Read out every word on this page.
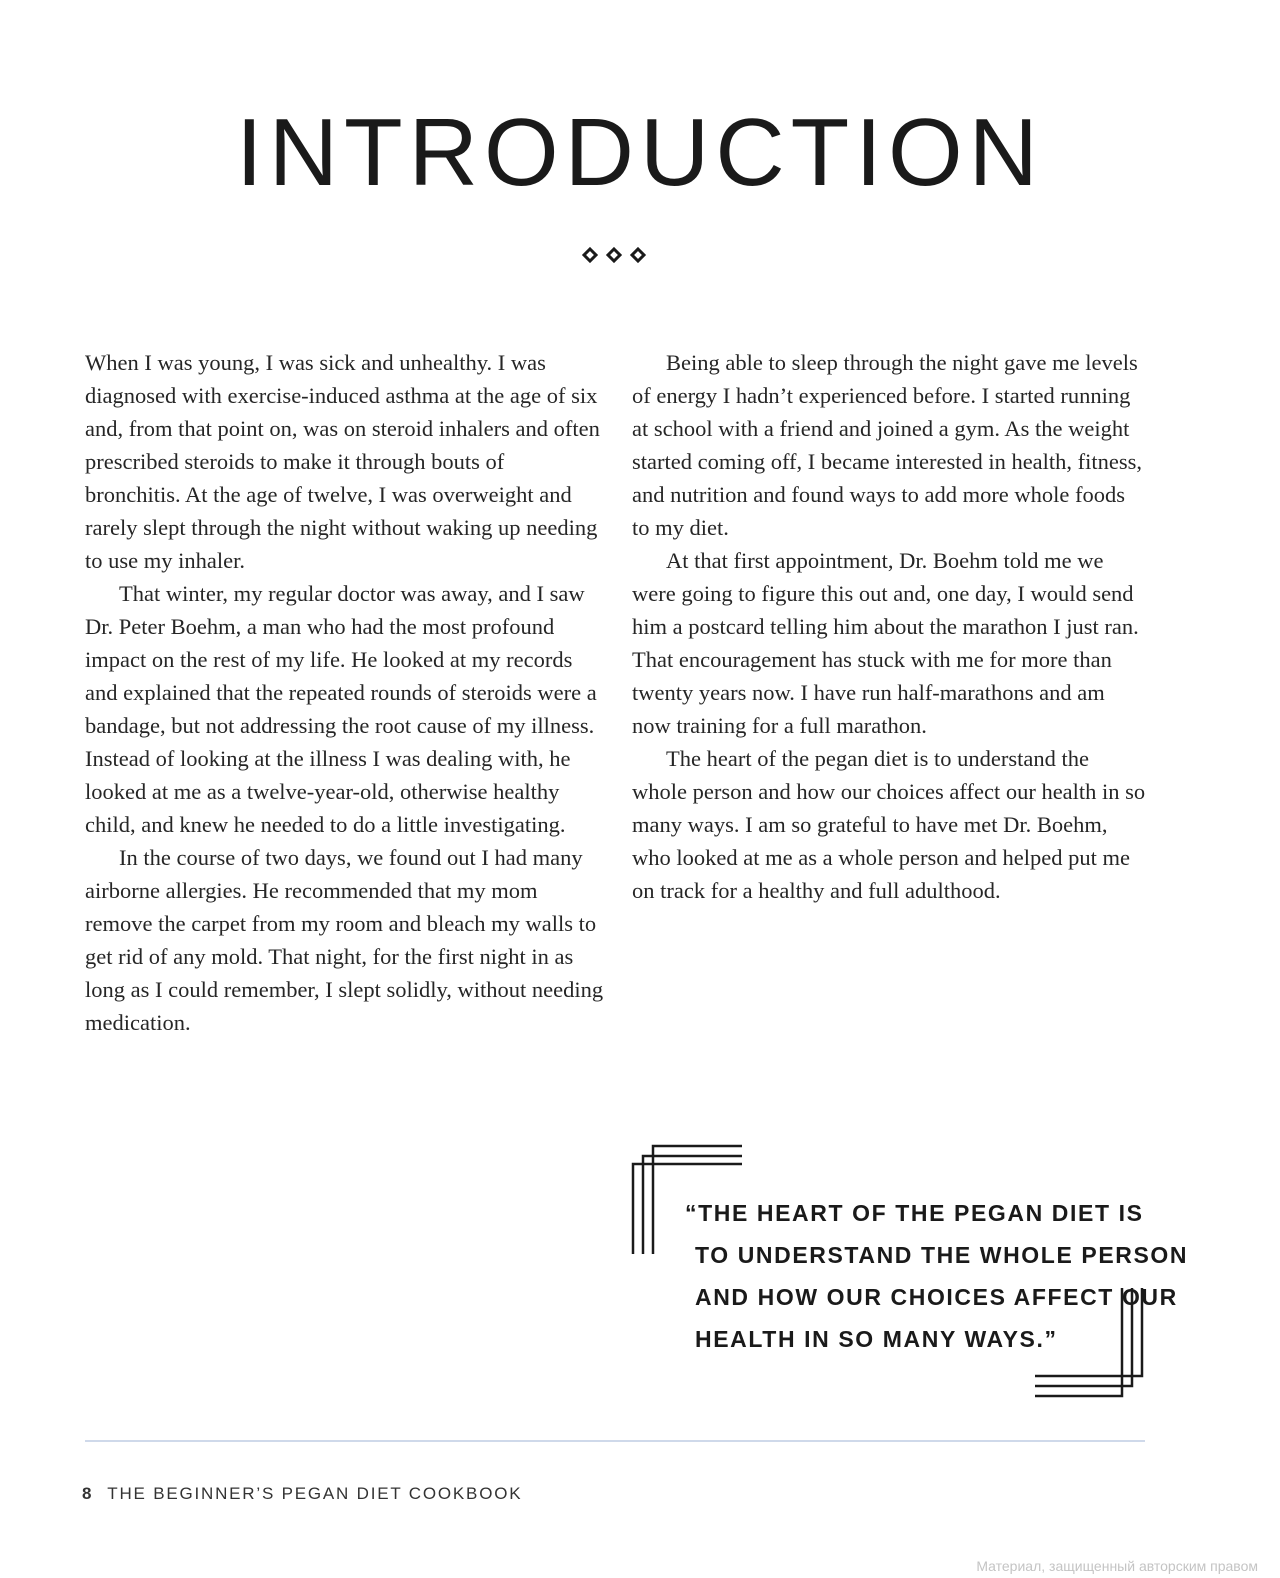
INTRODUCTION

When I was young, I was sick and unhealthy. I was diagnosed with exercise-induced asthma at the age of six and, from that point on, was on steroid inhalers and often prescribed steroids to make it through bouts of bronchitis. At the age of twelve, I was overweight and rarely slept through the night without waking up needing to use my inhaler.

That winter, my regular doctor was away, and I saw Dr. Peter Boehm, a man who had the most profound impact on the rest of my life. He looked at my records and explained that the repeated rounds of steroids were a bandage, but not addressing the root cause of my illness. Instead of looking at the illness I was dealing with, he looked at me as a twelve-year-old, otherwise healthy child, and knew he needed to do a little investigating.

In the course of two days, we found out I had many airborne allergies. He recommended that my mom remove the carpet from my room and bleach my walls to get rid of any mold. That night, for the first night in as long as I could remember, I slept solidly, without needing medication.

Being able to sleep through the night gave me levels of energy I hadn’t experienced before. I started running at school with a friend and joined a gym. As the weight started coming off, I became interested in health, fitness, and nutrition and found ways to add more whole foods to my diet.

At that first appointment, Dr. Boehm told me we were going to figure this out and, one day, I would send him a postcard telling him about the marathon I just ran. That encouragement has stuck with me for more than twenty years now. I have run half-marathons and am now training for a full marathon.

The heart of the pegan diet is to understand the whole person and how our choices affect our health in so many ways. I am so grateful to have met Dr. Boehm, who looked at me as a whole person and helped put me on track for a healthy and full adulthood.

“THE HEART OF THE PEGAN DIET IS
TO UNDERSTAND THE WHOLE PERSON
AND HOW OUR CHOICES AFFECT OUR
HEALTH IN SO MANY WAYS.”
8 THE BEGINNER’S PEGAN DIET COOKBOOK
Материал, защищенный авторским правом
